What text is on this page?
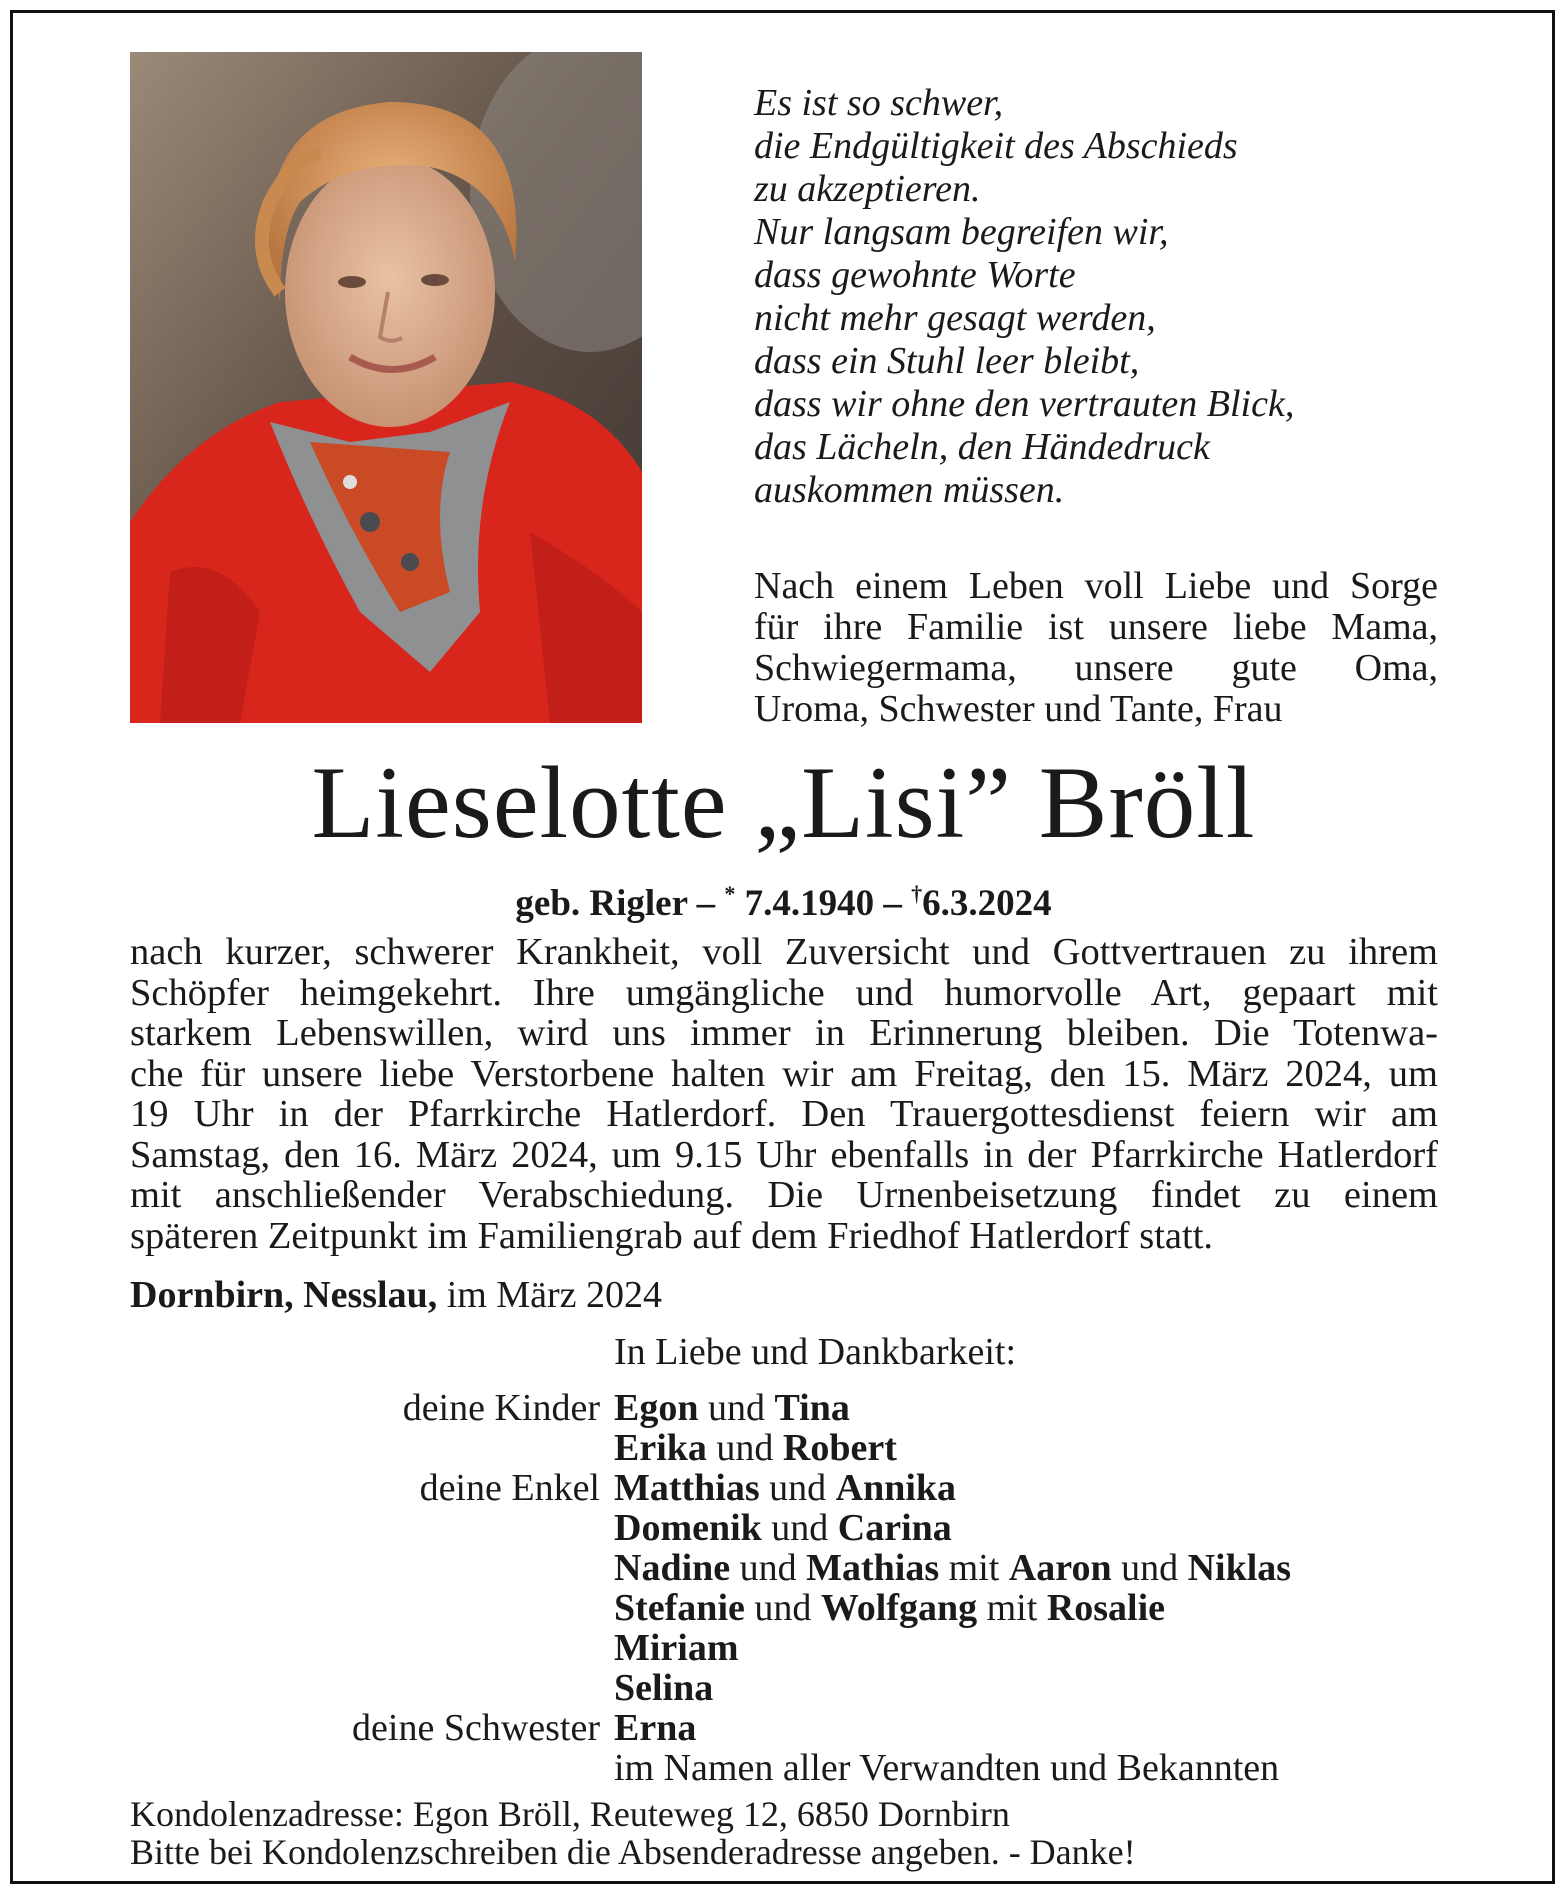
Es ist so schwer,
die Endgültigkeit des Abschieds
zu akzeptieren.
Nur langsam begreifen wir,
dass gewohnte Worte
nicht mehr gesagt werden,
dass ein Stuhl leer bleibt,
dass wir ohne den vertrauten Blick,
das Lächeln, den Händedruck
auskommen müssen.
Nach einem Leben voll Liebe und Sorge
für ihre Familie ist unsere liebe Mama,
Schwiegermama, unsere gute Oma,
Uroma, Schwester und Tante, Frau
Lieselotte „Lisi” Bröll
geb. Rigler – * 7.4.1940 – †6.3.2024
nach kurzer, schwerer Krankheit, voll Zuversicht und Gottvertrauen zu ihrem
Schöpfer heimgekehrt. Ihre umgängliche und humorvolle Art, gepaart mit
starkem Lebenswillen, wird uns immer in Erinnerung bleiben. Die Totenwa-
che für unsere liebe Verstorbene halten wir am Freitag, den 15. März 2024, um
19 Uhr in der Pfarrkirche Hatlerdorf. Den Trauergottesdienst feiern wir am
Samstag, den 16. März 2024, um 9.15 Uhr ebenfalls in der Pfarrkirche Hatlerdorf
mit anschließender Verabschiedung. Die Urnenbeisetzung findet zu einem
späteren Zeitpunkt im Familiengrab auf dem Friedhof Hatlerdorf statt.
Dornbirn, Nesslau, im März 2024
In Liebe und Dankbarkeit:
deine Kinder Egon und Tina
Erika und Robert
deine Enkel Matthias und Annika
Domenik und Carina
Nadine und Mathias mit Aaron und Niklas
Stefanie und Wolfgang mit Rosalie
Miriam
Selina
deine Schwester Erna
im Namen aller Verwandten und Bekannten
Kondolenzadresse: Egon Bröll, Reuteweg 12, 6850 Dornbirn
Bitte bei Kondolenzschreiben die Absenderadresse angeben. - Danke!
